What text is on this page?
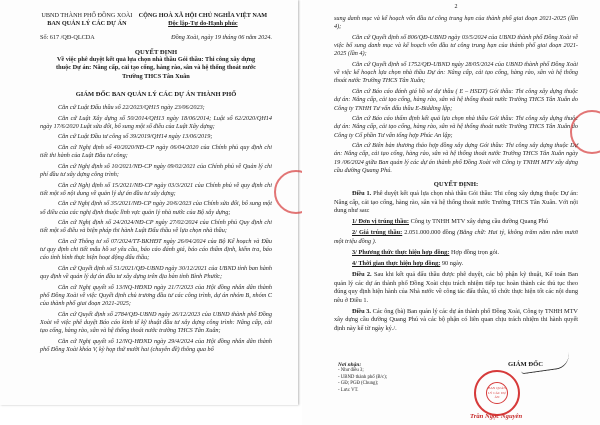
UBND THÀNH PHỐ ĐỒNG XOÀI
BAN QUẢN LÝ CÁC DỰ ÁN
CỘNG HOÀ XÃ HỘI CHỦ NGHĨA VIỆT NAM
Độc lập-Tự do-Hạnh phúc
Số: 617 /QĐ-QLCDA	Đồng Xoài, ngày 19 tháng 06 năm 2024.
QUYẾT ĐỊNH
Về việc phê duyệt kết quả lựa chọn nhà thầu Gói thầu: Thi công xây dựng thuộc Dự án: Nâng cấp, cải tạo cổng, hàng rào, sân và hệ thống thoát nước Trường THCS Tân Xuân
GIÁM ĐỐC BAN QUẢN LÝ CÁC DỰ ÁN THÀNH PHỐ

Căn cứ Luật Đấu thầu số 22/2023/QH15 ngày 23/06/2023;

Căn cứ Luật Xây dựng số 50/2014/QH13 ngày 18/06/2014; Luật số 62/2020/QH14 ngày 17/6/2020 Luật sửa đổi, bổ sung một số điều của Luật Xây dựng;

Căn cứ Luật Đầu tư công số 39/2019/QH14 ngày 13/06/2019;

Căn cứ Nghị định số 40/2020/NĐ-CP ngày 06/04/2020 của Chính phủ quy định chi tiết thi hành của Luật Đầu tư công;

Căn cứ Nghị định số 10/2021/NĐ-CP ngày 09/02/2021 của Chính phủ về Quản lý chi phí đầu tư xây dựng công trình;

Căn cứ Nghị định số 15/2021/NĐ-CP ngày 03/3/2021 của Chính phủ về quy định chi tiết một số nội dung về quản lý dự án đầu tư xây dựng;

Căn cứ Nghị định số 35/2021/NĐ-CP ngày 20/6/2023 của Chính sửa đổi, bổ sung một số điều của các nghị định thuộc lĩnh vực quản lý nhà nước của Bộ xây dựng;

Căn cứ Nghị định số 24/2024/NĐ-CP ngày 27/02/2024 của Chính phủ Quy định chi tiết một số điều và biện pháp thi hành Luật Đấu thầu về lựa chọn nhà thầu;

Căn cứ Thông tư số 07/2024/TT-BKHĐT ngày 26/04/2024 của Bộ Kế hoạch và Đầu tư quy định chi tiết mẫu hồ sơ yêu cầu, báo cáo đánh giá, báo cáo thẩm định, kiểm tra, báo cáo tình hình thực hiện hoạt động đấu thầu;

Căn cứ Quyết định số 51/2021/QĐ-UBND ngày 30/12/2021 của UBND tỉnh ban hành quy định về quản lý dự án đầu tư xây dựng trên địa bàn tỉnh Bình Phước;

Căn cứ Nghị quyết số 13/NQ-HĐND ngày 21/7/2023 của Hội đồng nhân dân thành phố Đồng Xoài về việc Quyết định chủ trương đầu tư các công trình, dự án nhóm B, nhóm C của thành phố giai đoạn 2021-2025;

Căn cứ Quyết định số 2784/QĐ-UBND ngày 26/12/2023 của UBND thành phố Đồng Xoài về việc phê duyệt Báo cáo kinh tế kỹ thuật đầu tư xây dựng công trình: Nâng cấp, cải tạo cổng, hàng rào, sân và hệ thống thoát nước trường THCS Tân Xuân;

Căn cứ Nghị quyết số 12/NQ-HĐND ngày 29/4/2024 của Hội đồng nhân dân thành phố Đồng Xoài khóa V, kỳ họp thứ mười hai (chuyên đề) thông qua bổ

2

sung danh mục và kế hoạch vốn đầu tư công trung hạn của thành phố giai đoạn 2021-2025 (lần 4);

Căn cứ Quyết định số 806/QĐ-UBND ngày 03/5/2024 của UBND thành phố Đồng Xoài về việc bổ sung danh mục và kế hoạch vốn đầu tư công trung hạn của thành phố giai đoạn 2021-2025 (lần 4);

Căn cứ Quyết định số 1752/QĐ-UBND ngày 28/05/2024 của UBND thành phố Đồng Xoài về việc kế hoạch lựa chọn nhà thầu Dự án: Nâng cấp, cải tạo cổng, hàng rào, sân và hệ thống thoát nước Trường THCS Tân Xuân;

Căn cứ Báo cáo đánh giá hồ sơ dự thầu ( E – HSDT) Gói thầu: Thi công xây dựng thuộc dự án: Nâng cấp, cải tạo cổng, hàng rào, sân và hệ thống thoát nước Trường THCS Tân Xuân do Công ty TNHH Tư vấn đấu thầu E-Bidding lập;

Căn cứ Báo cáo thẩm định kết quả lựa chọn nhà thầu Gói thầu: Thi công xây dựng thuộc dự án: Nâng cấp, cải tạo cổng, hàng rào, sân và hệ thống thoát nước Trường THCS Tân Xuân do Công ty Cổ phần Tư vấn tổng hợp Phúc An lập;

Căn cứ Biên bản thương thảo hợp đồng xây dựng Gói thầu: Thi công xây dựng thuộc Dự án: Nâng cấp, cải tạo cổng, hàng rào, sân và hệ thống thoát nước Trường THCS Tân Xuân ngày 19 /06/2024 giữa Ban quản lý các dự án thành phố Đồng Xoài với Công ty TNHH MTV xây dựng cầu đường Quang Phú.

QUYẾT ĐỊNH:

Điều 1. Phê duyệt kết quả lựa chọn nhà thầu Gói thầu: Thi công xây dựng thuộc Dự án: Nâng cấp, cải tạo cổng, hàng rào, sân và hệ thống thoát nước Trường THCS Tân Xuân. Với nội dung như sau:

1/ Đơn vị trúng thầu: Công ty TNHH MTV xây dựng cầu đường Quang Phú

2/ Giá trúng thầu: 2.051.000.000 đồng (Bằng chữ: Hai tỷ, không trăm năm năm mươi một triệu đồng ).

3/ Phương thức thực hiện hợp đồng: Hợp đồng trọn gói.

4/ Thời gian thực hiện hợp đồng: 90 ngày.

Điều 2. Sau khi kết quả đấu thầu được phê duyệt, các bộ phận kỹ thuật, Kế toán Ban quản lý các dự án thành phố Đồng Xoài chịu trách nhiệm tiếp tục hoàn thành các thủ tục theo đúng quy định hiện hành của Nhà nước về công tác đấu thầu, tổ chức thực hiện tốt các nội dung nêu ở Điều 1.

Điều 3. Các ông (bà) Ban quản lý các dự án thành phố Đồng Xoài, Công ty TNHH MTV xây dựng cầu đường Quang Phú và các bộ phận có liên quan chịu trách nhiệm thi hành quyết định này kể từ ngày ký./.

Nơi nhận:
- Như điều 3;
- UBND thành phố (B/c);
- GĐ; PGĐ (Chung);
- Lưu: VT.
GIÁM ĐỐC
BAN QUẢN LÝ CÁC DỰ ÁN
Trần Ngọc Nguyên
